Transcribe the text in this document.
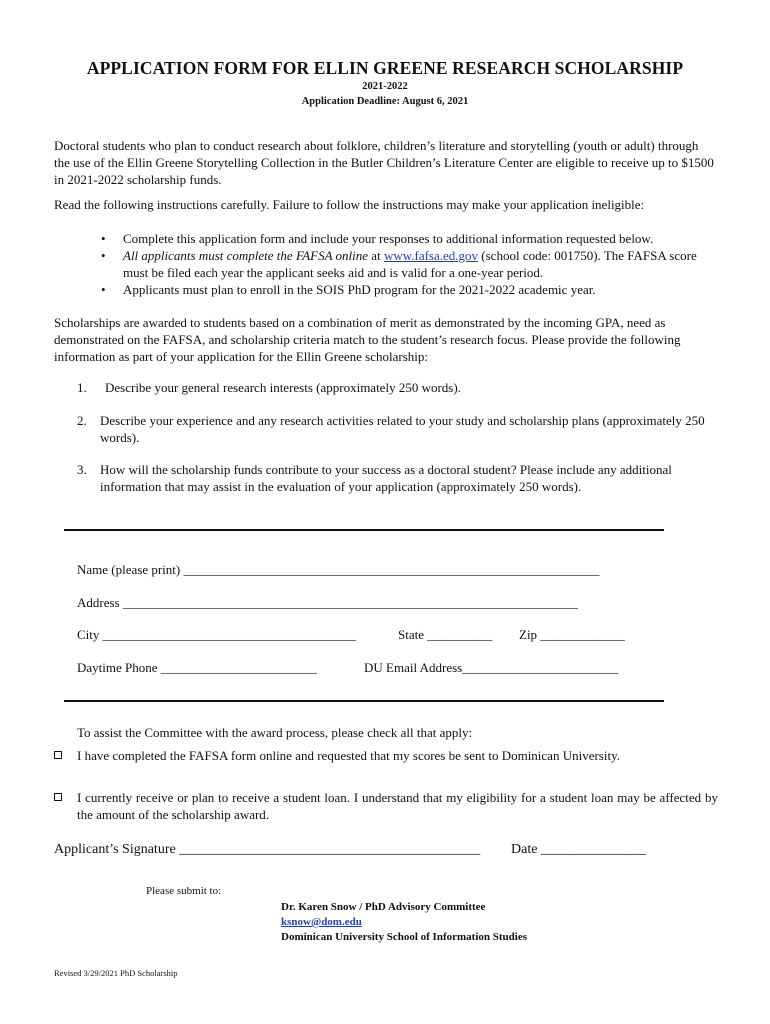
APPLICATION FORM FOR ELLIN GREENE RESEARCH SCHOLARSHIP
2021-2022
Application Deadline: August 6, 2021
Doctoral students who plan to conduct research about folklore, children’s literature and storytelling (youth or adult) through the use of the Ellin Greene Storytelling Collection in the Butler Children’s Literature Center are eligible to receive up to $1500 in 2021-2022 scholarship funds.
Read the following instructions carefully. Failure to follow the instructions may make your application ineligible:
• Complete this application form and include your responses to additional information requested below.
• All applicants must complete the FAFSA online at www.fafsa.ed.gov (school code: 001750). The FAFSA score must be filed each year the applicant seeks aid and is valid for a one-year period.
• Applicants must plan to enroll in the SOIS PhD program for the 2021-2022 academic year.
Scholarships are awarded to students based on a combination of merit as demonstrated by the incoming GPA, need as demonstrated on the FAFSA, and scholarship criteria match to the student’s research focus. Please provide the following information as part of your application for the Ellin Greene scholarship:
1. Describe your general research interests (approximately 250 words).
2. Describe your experience and any research activities related to your study and scholarship plans (approximately 250 words).
3. How will the scholarship funds contribute to your success as a doctoral student? Please include any additional information that may assist in the evaluation of your application (approximately 250 words).
Name (please print) ________________________________________________________________
Address ______________________________________________________________________
City _______________________________________	State __________ Zip _____________
Daytime Phone ________________________	DU Email Address________________________
To assist the Committee with the award process, please check all that apply:
I have completed the FAFSA form online and requested that my scores be sent to Dominican University.
I currently receive or plan to receive a student loan. I understand that my eligibility for a student loan may be affected by the amount of the scholarship award.
Applicant’s Signature ___________________________________________ Date _______________
Please submit to:
Dr. Karen Snow / PhD Advisory Committee
ksnow@dom.edu
Dominican University School of Information Studies
Revised 3/29/2021 PhD Scholarship
